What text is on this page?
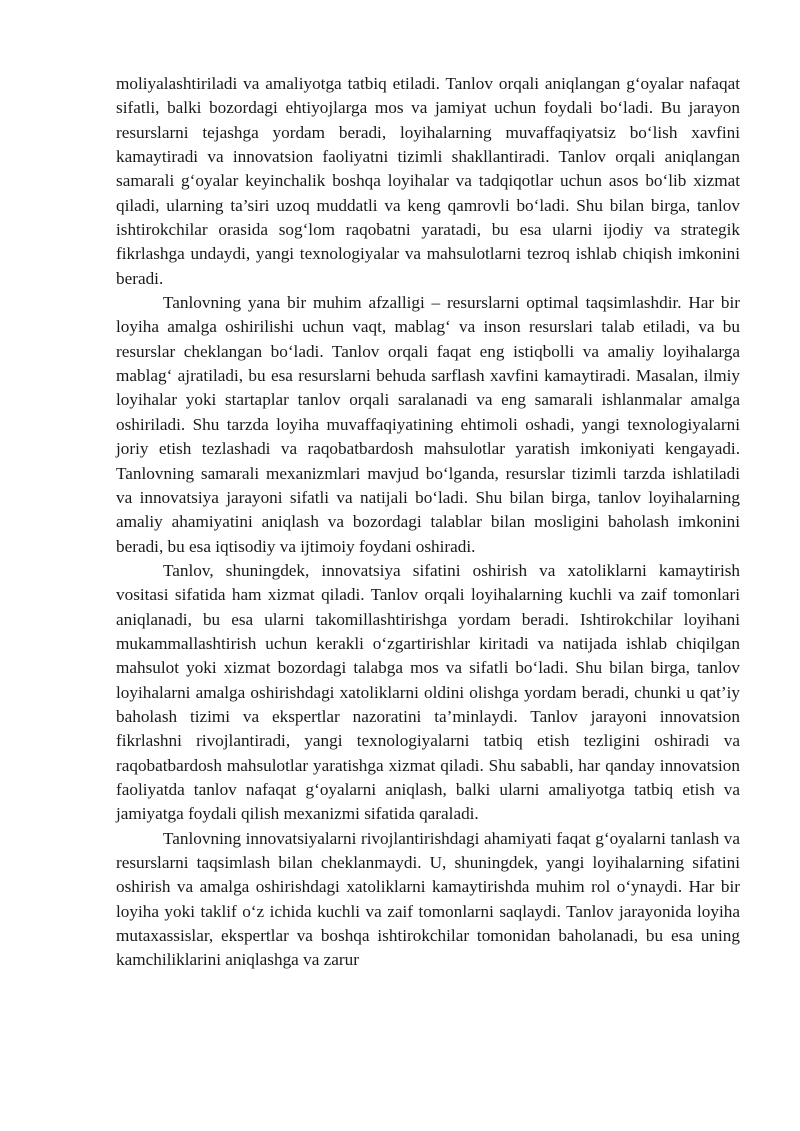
moliyalashtiriladi va amaliyotga tatbiq etiladi. Tanlov orqali aniqlangan g‘oyalar nafaqat sifatli, balki bozordagi ehtiyojlarga mos va jamiyat uchun foydali bo‘ladi. Bu jarayon resurslarni tejashga yordam beradi, loyihalarning muvaffaqiyatsiz bo‘lish xavfini kamaytiradi va innovatsion faoliyatni tizimli shakllantiradi. Tanlov orqali aniqlangan samarali g‘oyalar keyinchalik boshqa loyihalar va tadqiqotlar uchun asos bo‘lib xizmat qiladi, ularning ta’siri uzoq muddatli va keng qamrovli bo‘ladi. Shu bilan birga, tanlov ishtirokchilar orasida sog‘lom raqobatni yaratadi, bu esa ularni ijodiy va strategik fikrlashga undaydi, yangi texnologiyalar va mahsulotlarni tezroq ishlab chiqish imkonini beradi.

Tanlovning yana bir muhim afzalligi – resurslarni optimal taqsimlashdir. Har bir loyiha amalga oshirilishi uchun vaqt, mablag‘ va inson resurslari talab etiladi, va bu resurslar cheklangan bo‘ladi. Tanlov orqali faqat eng istiqbolli va amaliy loyihalarga mablag‘ ajratiladi, bu esa resurslarni behuda sarflash xavfini kamaytiradi. Masalan, ilmiy loyihalar yoki startaplar tanlov orqali saralanadi va eng samarali ishlanmalar amalga oshiriladi. Shu tarzda loyiha muvaffaqiyatining ehtimoli oshadi, yangi texnologiyalarni joriy etish tezlashadi va raqobatbardosh mahsulotlar yaratish imkoniyati kengayadi. Tanlovning samarali mexanizmlari mavjud bo‘lganda, resurslar tizimli tarzda ishlatiladi va innovatsiya jarayoni sifatli va natijali bo‘ladi. Shu bilan birga, tanlov loyihalarning amaliy ahamiyatini aniqlash va bozordagi talablar bilan mosligini baholash imkonini beradi, bu esa iqtisodiy va ijtimoiy foydani oshiradi.

Tanlov, shuningdek, innovatsiya sifatini oshirish va xatoliklarni kamaytirish vositasi sifatida ham xizmat qiladi. Tanlov orqali loyihalarning kuchli va zaif tomonlari aniqlanadi, bu esa ularni takomillashtirishga yordam beradi. Ishtirokchilar loyihani mukammallashtirish uchun kerakli o‘zgartirishlar kiritadi va natijada ishlab chiqilgan mahsulot yoki xizmat bozordagi talabga mos va sifatli bo‘ladi. Shu bilan birga, tanlov loyihalarni amalga oshirishdagi xatoliklarni oldini olishga yordam beradi, chunki u qat’iy baholash tizimi va ekspertlar nazoratini ta’minlaydi. Tanlov jarayoni innovatsion fikrlashni rivojlantiradi, yangi texnologiyalarni tatbiq etish tezligini oshiradi va raqobatbardosh mahsulotlar yaratishga xizmat qiladi. Shu sababli, har qanday innovatsion faoliyatda tanlov nafaqat g‘oyalarni aniqlash, balki ularni amaliyotga tatbiq etish va jamiyatga foydali qilish mexanizmi sifatida qaraladi.

Tanlovning innovatsiyalarni rivojlantirishdagi ahamiyati faqat g‘oyalarni tanlash va resurslarni taqsimlash bilan cheklanmaydi. U, shuningdek, yangi loyihalarning sifatini oshirish va amalga oshirishdagi xatoliklarni kamaytirishda muhim rol o‘ynaydi. Har bir loyiha yoki taklif o‘z ichida kuchli va zaif tomonlarni saqlaydi. Tanlov jarayonida loyiha mutaxassislar, ekspertlar va boshqa ishtirokchilar tomonidan baholanadi, bu esa uning kamchiliklarini aniqlashga va zarur
